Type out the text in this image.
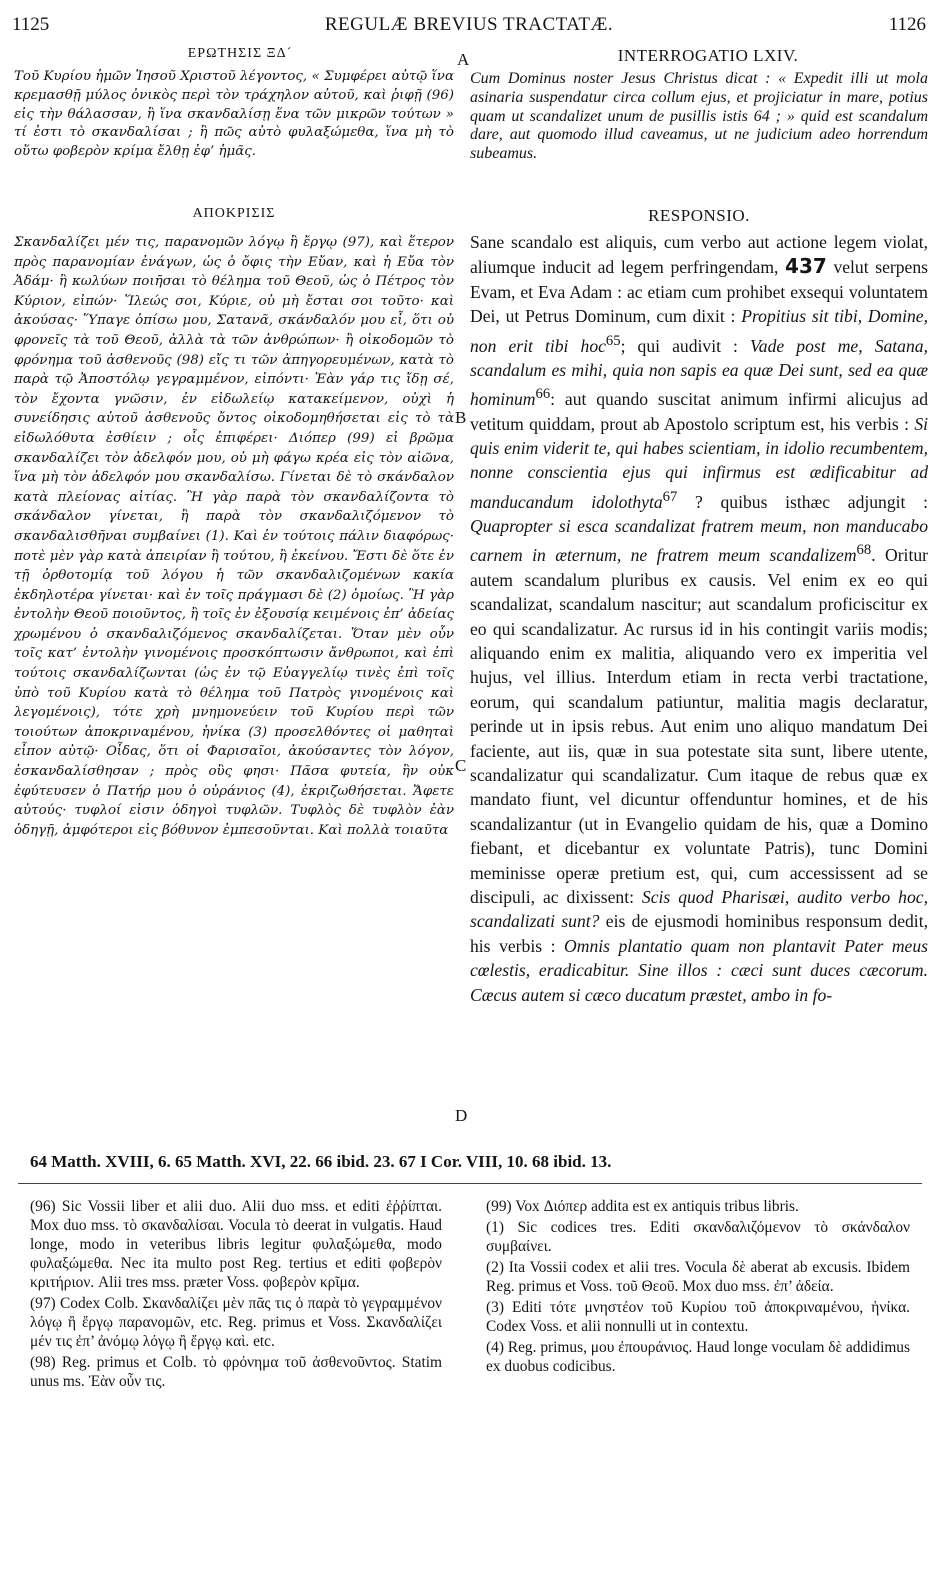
1125	REGULÆ BREVIUS TRACTATÆ.	1126
ΕΡΩΤΗΣΙΣ ΞΔ´	A	INTERROGATIO LXIV.
Τοῦ Κυρίου ἡμῶν Ἰησοῦ Χριστοῦ λέγοντος, « Συμφέρει αὐτῷ ἵνα κρεμασθῇ μύλος ὀνικὸς περὶ τὸν τράχηλον αὐτοῦ, καὶ ῥιφῇ (96) εἰς τὴν θάλασσαν, ἢ ἵνα σκανδαλίσῃ ἕνα τῶν μικρῶν τούτων » τί ἐστι τὸ σκανδαλίσαι ; ἢ πῶς αὐτὸ φυλαξώμεθα, ἵνα μὴ τὸ οὕτω φοβερὸν κρίμα ἔλθῃ ἐφ’ ἡμᾶς.
Cum Dominus noster Jesus Christus dicat : « Expedit illi ut mola asinaria suspendatur circa collum ejus, et projiciatur in mare, potius quam ut scandalizet unum de pusillis istis 64 ; » quid est scandalum dare, aut quomodo illud caveamus, ut ne judicium adeo horrendum subeamus.
ΑΠΟΚΡΙΣΙΣ	RESPONSIO.
Σκανδαλίζει μέν τις, παρανομῶν λόγῳ ἢ ἔργῳ (97), καὶ ἕτερον πρὸς παρανομίαν ἐνάγων, ὡς ὁ ὄφις τὴν Εὔαν, καὶ ἡ Εὔα τὸν Ἀδάμ· ἢ κωλύων ποιῆσαι τὸ θέλημα τοῦ Θεοῦ, ὡς ὁ Πέτρος τὸν Κύριον, εἰπών· Ἵλεώς σοι, Κύριε, οὐ μὴ ἔσται σοι τοῦτο· καὶ ἀκούσας· Ὕπαγε ὀπίσω μου, Σατανᾶ, σκάνδαλόν μου εἶ, ὅτι οὐ φρονεῖς τὰ τοῦ Θεοῦ, ἀλλὰ τὰ τῶν ἀνθρώπων· ἢ οἰκοδομῶν τὸ φρόνημα τοῦ ἀσθενοῦς (98) εἴς τι τῶν ἀπηγορευμένων, κατὰ τὸ παρὰ τῷ Ἀποστόλῳ γεγραμμένον, εἰπόντι· Ἐὰν γάρ τις ἴδῃ σέ, τὸν ἔχοντα γνῶσιν, ἐν εἰδωλείῳ κατακείμενον, οὐχὶ ἡ συνείδησις αὐτοῦ ἀσθενοῦς ὄντος οἰκοδομηθήσεται εἰς τὸ τὰ εἰδωλόθυτα ἐσθίειν ; οἷς ἐπιφέρει· Διόπερ (99) εἰ βρῶμα σκανδαλίζει τὸν ἀδελφόν μου, οὐ μὴ φάγω κρέα εἰς τὸν αἰῶνα, ἵνα μὴ τὸν ἀδελφόν μου σκανδαλίσω. Γίνεται δὲ τὸ σκάνδαλον κατὰ πλείονας αἰτίας. Ἢ γὰρ παρὰ τὸν σκανδαλίζοντα τὸ σκάνδαλον γίνεται, ἢ παρὰ τὸν σκανδαλιζόμενον τὸ σκανδαλισθῆναι συμβαίνει (1). Καὶ ἐν τούτοις πάλιν διαφόρως· ποτὲ μὲν γὰρ κατὰ ἀπειρίαν ἢ τούτου, ἢ ἐκείνου. Ἔστι δὲ ὅτε ἐν τῇ ὀρθοτομίᾳ τοῦ λόγου ἡ τῶν σκανδαλιζομένων κακία ἐκδηλοτέρα γίνεται· καὶ ἐν τοῖς πράγμασι δὲ (2) ὁμοίως. Ἢ γὰρ ἐντολὴν Θεοῦ ποιοῦντος, ἢ τοῖς ἐν ἐξουσίᾳ κειμένοις ἐπ’ ἀδείας χρωμένου ὁ σκανδαλιζόμενος σκανδαλίζεται. Ὅταν μὲν οὖν τοῖς κατ’ ἐντολὴν γινομένοις προσκόπτωσιν ἄνθρωποι, καὶ ἐπὶ τούτοις σκανδαλίζωνται (ὡς ἐν τῷ Εὐαγγελίῳ τινὲς ἐπὶ τοῖς ὑπὸ τοῦ Κυρίου κατὰ τὸ θέλημα τοῦ Πατρὸς γινομένοις καὶ λεγομένοις), τότε χρὴ μνημονεύειν τοῦ Κυρίου περὶ τῶν τοιούτων ἀποκριναμένου, ἡνίκα (3) προσελθόντες οἱ μαθηταὶ εἶπον αὐτῷ· Οἶδας, ὅτι οἱ Φαρισαῖοι, ἀκούσαντες τὸν λόγον, ἐσκανδαλίσθησαν ; πρὸς οὓς φησι· Πᾶσα φυτεία, ἣν οὐκ ἐφύτευσεν ὁ Πατήρ μου ὁ οὐράνιος (4), ἐκριζωθήσεται. Ἄφετε αὐτούς· τυφλοί εἰσιν ὁδηγοὶ τυφλῶν. Τυφλὸς δὲ τυφλὸν ἐὰν ὁδηγῇ, ἀμφότεροι εἰς βόθυνον ἐμπεσοῦνται. Καὶ πολλὰ τοιαῦτα
Sane scandalo est aliquis, cum verbo aut actione legem violat, aliumque inducit ad legem perfringendam, 437 velut serpens Evam, et Eva Adam : ac etiam cum prohibet exsequi voluntatem Dei, ut Petrus Dominum, cum dixit : Propitius sit tibi, Domine, non erit tibi hoc$^{65}$; qui audivit : Vade post me, Satana, scandalum es mihi, quia non sapis ea quæ Dei sunt, sed ea quæ hominum$^{66}$: aut quando suscitat animum infirmi alicujus ad vetitum quiddam, prout ab Apostolo scriptum est, his verbis : Si quis enim viderit te, qui habes scientiam, in idolio recumbentem, nonne conscientia ejus qui infirmus est ædificabitur ad manducandum idolothyta$^{67}$ ? quibus isthæc adjungit : Quapropter si esca scandalizat fratrem meum, non manducabo carnem in æternum, ne fratrem meum scandalizem$^{68}$. Oritur autem scandalum pluribus ex causis. Vel enim ex eo qui scandalizat, scandalum nascitur; aut scandalum proficiscitur ex eo qui scandalizatur. Ac rursus id in his contingit variis modis; aliquando enim ex malitia, aliquando vero ex imperitia vel hujus, vel illius. Interdum etiam in recta verbi tractatione, eorum, qui scandalum patiuntur, malitia magis declaratur, perinde ut in ipsis rebus. Aut enim uno aliquo mandatum Dei faciente, aut iis, quæ in sua potestate sita sunt, libere utente, scandalizatur qui scandalizatur. Cum itaque de rebus quæ ex mandato fiunt, vel dicuntur offenduntur homines, et de his scandalizantur (ut in Evangelio quidam de his, quæ a Domino fiebant, et dicebantur ex voluntate Patris), tunc Domini meminisse operæ pretium est, qui, cum accessissent ad se discipuli, ac dixissent: Scis quod Pharisæi, audito verbo hoc, scandalizati sunt? eis de ejusmodi hominibus responsum dedit, his verbis : Omnis plantatio quam non plantavit Pater meus cœlestis, eradicabitur. Sine illos : cæci sunt duces cæcorum. Cæcus autem si cæco ducatum præstet, ambo in fo-
B
C
D
64 Matth. XVIII, 6. 65 Matth. XVI, 22. 66 ibid. 23. 67 I Cor. VIII, 10. 68 ibid. 13.

(96) Sic Vossii liber et alii duo. Alii duo mss. et editi ἐῤῥίπται. Mox duo mss. τὸ σκανδαλίσαι. Vocula τὸ deerat in vulgatis. Haud longe, modo in veteribus libris legitur φυλαξώμεθα, modo φυλαξώμεθα. Nec ita multo post Reg. tertius et editi φοβερὸν κριτήριον. Alii tres mss. præter Voss. φοβερὸν κρῖμα.

(97) Codex Colb. Σκανδαλίζει μὲν πᾶς τις ὁ παρὰ τὸ γεγραμμένον λόγῳ ἢ ἔργῳ παρανομῶν, etc. Reg. primus et Voss. Σκανδαλίζει μέν τις ἐπ’ ἀνόμῳ λόγῳ ἢ ἔργῳ καὶ. etc.

(98) Reg. primus et Colb. τὸ φρόνημα τοῦ ἀσθενοῦντος. Statim unus ms. Ἐὰν οὖν τις.

(99) Vox Διόπερ addita est ex antiquis tribus libris.

(1) Sic codices tres. Editi σκανδαλιζόμενον τὸ σκάνδαλον συμβαίνει.

(2) Ita Vossii codex et alii tres. Vocula δὲ aberat ab excusis. Ibidem Reg. primus et Voss. τοῦ Θεοῦ. Mox duo mss. ἐπ’ ἀδεία.

(3) Editi τότε μνηστέον τοῦ Κυρίου τοῦ ἀποκριναμένου, ἡνίκα. Codex Voss. et alii nonnulli ut in contextu.

(4) Reg. primus, μου ἐπουράνιος. Haud longe voculam δὲ addidimus ex duobus codicibus.
